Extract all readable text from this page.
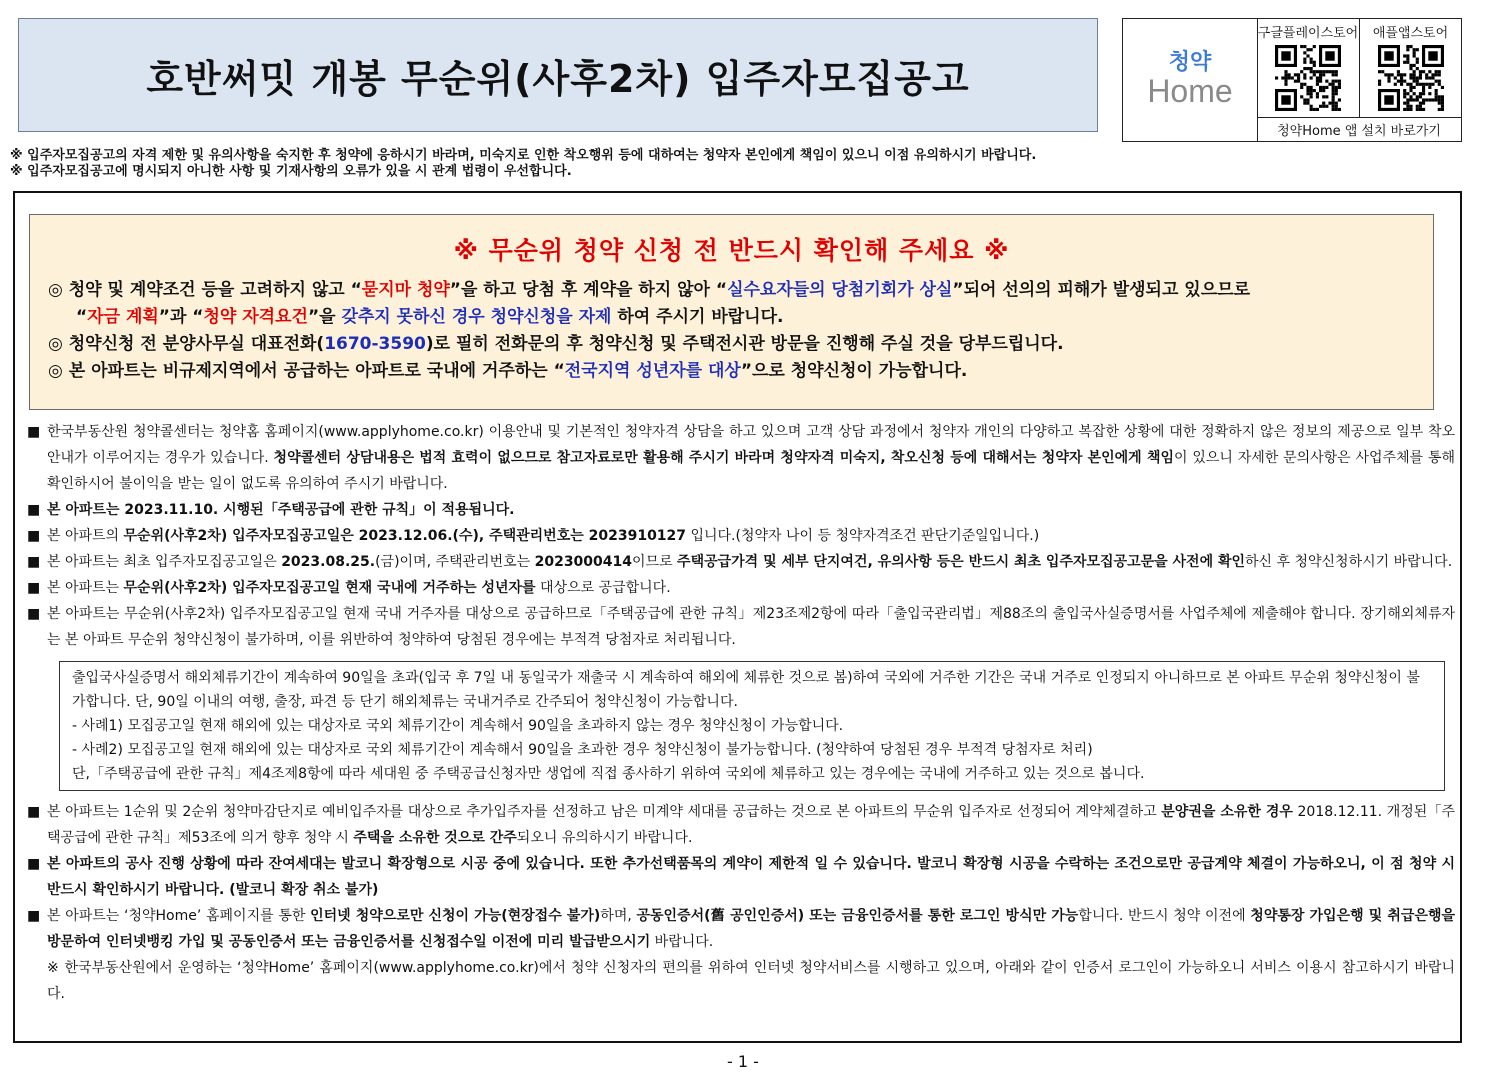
호반써밋 개봉 무순위(사후2차) 입주자모집공고	청약
Home
구글플레이스토어	애플앱스토어
청약Home 앱 설치 바로가기
※ 입주자모집공고의 자격 제한 및 유의사항을 숙지한 후 청약에 응하시기 바라며, 미숙지로 인한 착오행위 등에 대하여는 청약자 본인에게 책임이 있으니 이점 유의하시기 바랍니다.
※ 입주자모집공고에 명시되지 아니한 사항 및 기재사항의 오류가 있을 시 관계 법령이 우선합니다.
※ 무순위 청약 신청 전 반드시 확인해 주세요 ※
◎ 청약 및 계약조건 등을 고려하지 않고 “묻지마 청약”을 하고 당첨 후 계약을 하지 않아 “실수요자들의 당첨기회가 상실”되어 선의의 피해가 발생되고 있으므로
“자금 계획”과 “청약 자격요건”을 갖추지 못하신 경우 청약신청을 자제 하여 주시기 바랍니다.
◎ 청약신청 전 분양사무실 대표전화(1670-3590)로 필히 전화문의 후 청약신청 및 주택전시관 방문을 진행해 주실 것을 당부드립니다.
◎ 본 아파트는 비규제지역에서 공급하는 아파트로 국내에 거주하는 “전국지역 성년자를 대상”으로 청약신청이 가능합니다.
■ 한국부동산원 청약콜센터는 청약홈 홈페이지(www.applyhome.co.kr) 이용안내 및 기본적인 청약자격 상담을 하고 있으며 고객 상담 과정에서 청약자 개인의 다양하고 복잡한 상황에 대한 정확하지 않은 정보의 제공으로 일부 착오 안내가 이루어지는 경우가 있습니다. 청약콜센터 상담내용은 법적 효력이 없으므로 참고자료로만 활용해 주시기 바라며 청약자격 미숙지, 착오신청 등에 대해서는 청약자 본인에게 책임이 있으니 자세한 문의사항은 사업주체를 통해 확인하시어 불이익을 받는 일이 없도록 유의하여 주시기 바랍니다.
■ 본 아파트는 2023.11.10. 시행된「주택공급에 관한 규칙」이 적용됩니다.
■ 본 아파트의 무순위(사후2차) 입주자모집공고일은 2023.12.06.(수), 주택관리번호는 2023910127 입니다.(청약자 나이 등 청약자격조건 판단기준일입니다.)
■ 본 아파트는 최초 입주자모집공고일은 2023.08.25.(금)이며, 주택관리번호는 2023000414이므로 주택공급가격 및 세부 단지여건, 유의사항 등은 반드시 최초 입주자모집공고문을 사전에 확인하신 후 청약신청하시기 바랍니다.
■ 본 아파트는 무순위(사후2차) 입주자모집공고일 현재 국내에 거주하는 성년자를 대상으로 공급합니다.
■ 본 아파트는 무순위(사후2차) 입주자모집공고일 현재 국내 거주자를 대상으로 공급하므로「주택공급에 관한 규칙」제23조제2항에 따라「출입국관리법」제88조의 출입국사실증명서를 사업주체에 제출해야 합니다. 장기해외체류자는 본 아파트 무순위 청약신청이 불가하며, 이를 위반하여 청약하여 당첨된 경우에는 부적격 당첨자로 처리됩니다.
출입국사실증명서 해외체류기간이 계속하여 90일을 초과(입국 후 7일 내 동일국가 재출국 시 계속하여 해외에 체류한 것으로 봄)하여 국외에 거주한 기간은 국내 거주로 인정되지 아니하므로 본 아파트 무순위 청약신청이 불가합니다. 단, 90일 이내의 여행, 출장, 파견 등 단기 해외체류는 국내거주로 간주되어 청약신청이 가능합니다.
- 사례1) 모집공고일 현재 해외에 있는 대상자로 국외 체류기간이 계속해서 90일을 초과하지 않는 경우 청약신청이 가능합니다.
- 사례2) 모집공고일 현재 해외에 있는 대상자로 국외 체류기간이 계속해서 90일을 초과한 경우 청약신청이 불가능합니다. (청약하여 당첨된 경우 부적격 당첨자로 처리)
단,「주택공급에 관한 규칙」제4조제8항에 따라 세대원 중 주택공급신청자만 생업에 직접 종사하기 위하여 국외에 체류하고 있는 경우에는 국내에 거주하고 있는 것으로 봅니다.
■ 본 아파트는 1순위 및 2순위 청약마감단지로 예비입주자를 대상으로 추가입주자를 선정하고 남은 미계약 세대를 공급하는 것으로 본 아파트의 무순위 입주자로 선정되어 계약체결하고 분양권을 소유한 경우 2018.12.11. 개정된「주택공급에 관한 규칙」제53조에 의거 향후 청약 시 주택을 소유한 것으로 간주되오니 유의하시기 바랍니다.
■ 본 아파트의 공사 진행 상황에 따라 잔여세대는 발코니 확장형으로 시공 중에 있습니다. 또한 추가선택품목의 계약이 제한적 일 수 있습니다. 발코니 확장형 시공을 수락하는 조건으로만 공급계약 체결이 가능하오니, 이 점 청약 시 반드시 확인하시기 바랍니다. (발코니 확장 취소 불가)
■ 본 아파트는 ‘청약Home’ 홈페이지를 통한 인터넷 청약으로만 신청이 가능(현장접수 불가)하며, 공동인증서(舊 공인인증서) 또는 금융인증서를 통한 로그인 방식만 가능합니다. 반드시 청약 이전에 청약통장 가입은행 및 취급은행을 방문하여 인터넷뱅킹 가입 및 공동인증서 또는 금융인증서를 신청접수일 이전에 미리 발급받으시기 바랍니다.
※ 한국부동산원에서 운영하는 ‘청약Home’ 홈페이지(www.applyhome.co.kr)에서 청약 신청자의 편의를 위하여 인터넷 청약서비스를 시행하고 있으며, 아래와 같이 인증서 로그인이 가능하오니 서비스 이용시 참고하시기 바랍니다.
- 1 -
